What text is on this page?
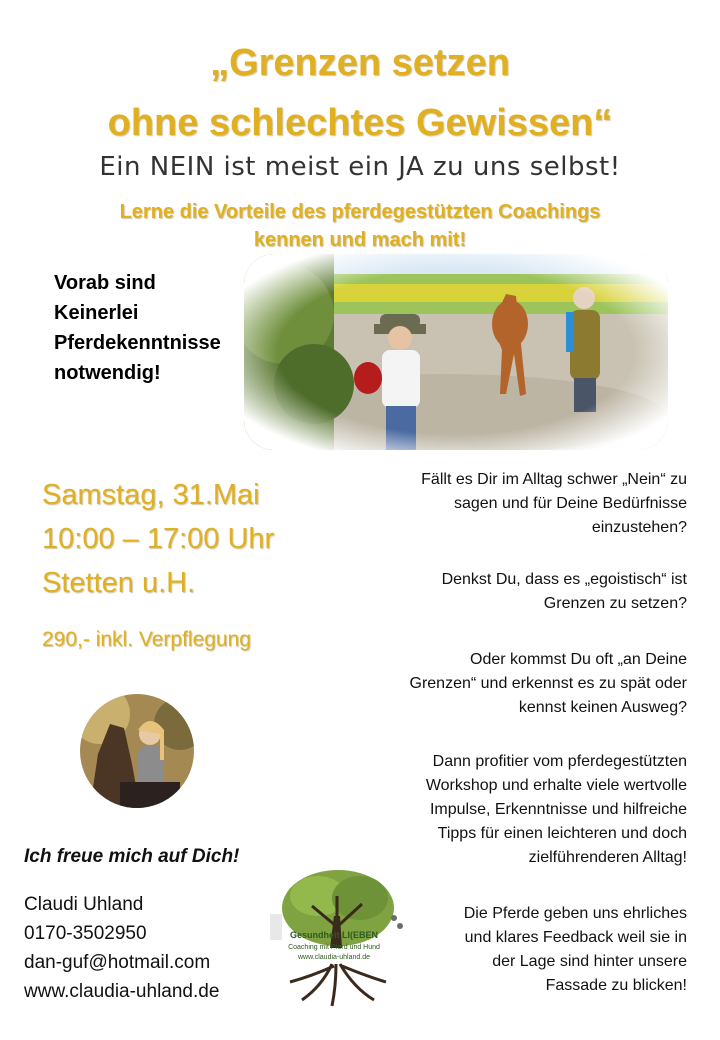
„Grenzen setzen
ohne schlechtes Gewissen“
Ein NEIN ist meist ein JA zu uns selbst!
Lerne die Vorteile des pferdegestützten Coachings
kennen und mach mit!
Vorab sind
Keinerlei
Pferdekenntnisse
notwendig!
Samstag, 31.Mai
10:00 – 17:00 Uhr
Stetten u.H.
290,- inkl. Verpflegung
Fällt es Dir im Alltag schwer „Nein“ zu
sagen und für Deine Bedürfnisse
einzustehen?
Denkst Du, dass es „egoistisch“ ist
Grenzen zu setzen?
Oder kommst Du oft „an Deine
Grenzen“ und erkennst es zu spät oder
kennst keinen Ausweg?
Dann profitier vom pferdegestützten
Workshop und erhalte viele wertvolle
Impulse, Erkenntnisse und hilfreiche
Tipps für einen leichteren und doch
zielführenderen Alltag!
Die Pferde geben uns ehrliches
und klares Feedback weil sie in
der Lage sind hinter unsere
Fassade zu blicken!
Ich freue mich auf Dich!
Claudi Uhland
0170-3502950
dan-guf@hotmail.com
www.claudia-uhland.de
Gesundheit LI(EBEN
Coaching mit Pferd und Hund
www.claudia-uhland.de
